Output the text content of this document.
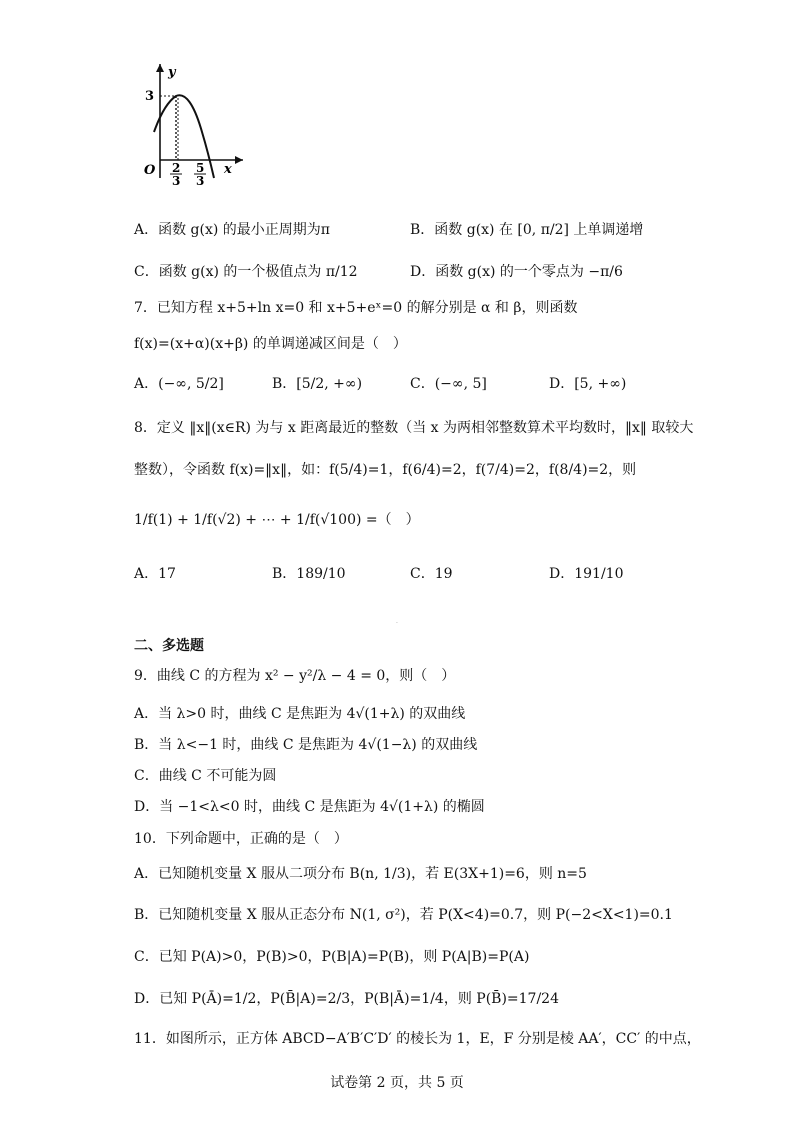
y
x
O
3
2
3
5
3
A．函数 g(x) 的最小正周期为π	B．函数 g(x) 在 [0, π/2] 上单调递增
C．函数 g(x) 的一个极值点为 π/12	D．函数 g(x) 的一个零点为 −π/6
7．已知方程 x+5+ln x=0 和 x+5+eˣ=0 的解分别是 α 和 β，则函数
f(x)=(x+α)(x+β) 的单调递减区间是（　）
A．(−∞, 5/2]	B．[5/2, +∞)	C．(−∞, 5]	D．[5, +∞)
8．定义 ‖x‖(x∈R) 为与 x 距离最近的整数（当 x 为两相邻整数算术平均数时，‖x‖ 取较大
整数），令函数 f(x)=‖x‖，如：f(5/4)=1，f(6/4)=2，f(7/4)=2，f(8/4)=2，则
1/f(1) + 1/f(√2) + ⋯ + 1/f(√100) =（　）
A．17	B．189/10	C．19	D．191/10
.
二、多选题
9．曲线 C 的方程为 x² − y²/λ − 4 = 0，则（　）
A．当 λ>0 时，曲线 C 是焦距为 4√(1+λ) 的双曲线
B．当 λ<−1 时，曲线 C 是焦距为 4√(1−λ) 的双曲线
C．曲线 C 不可能为圆
D．当 −1<λ<0 时，曲线 C 是焦距为 4√(1+λ) 的椭圆
10．下列命题中，正确的是（　）
A．已知随机变量 X 服从二项分布 B(n, 1/3)，若 E(3X+1)=6，则 n=5
B．已知随机变量 X 服从正态分布 N(1, σ²)，若 P(X<4)=0.7，则 P(−2<X<1)=0.1
C．已知 P(A)>0，P(B)>0，P(B|A)=P(B)，则 P(A|B)=P(A)
D．已知 P(Ā)=1/2，P(B̄|A)=2/3，P(B|Ā)=1/4，则 P(B̄)=17/24
11．如图所示，正方体 ABCD−A′B′C′D′ 的棱长为 1，E，F 分别是棱 AA′，CC′ 的中点，
试卷第 2 页，共 5 页
